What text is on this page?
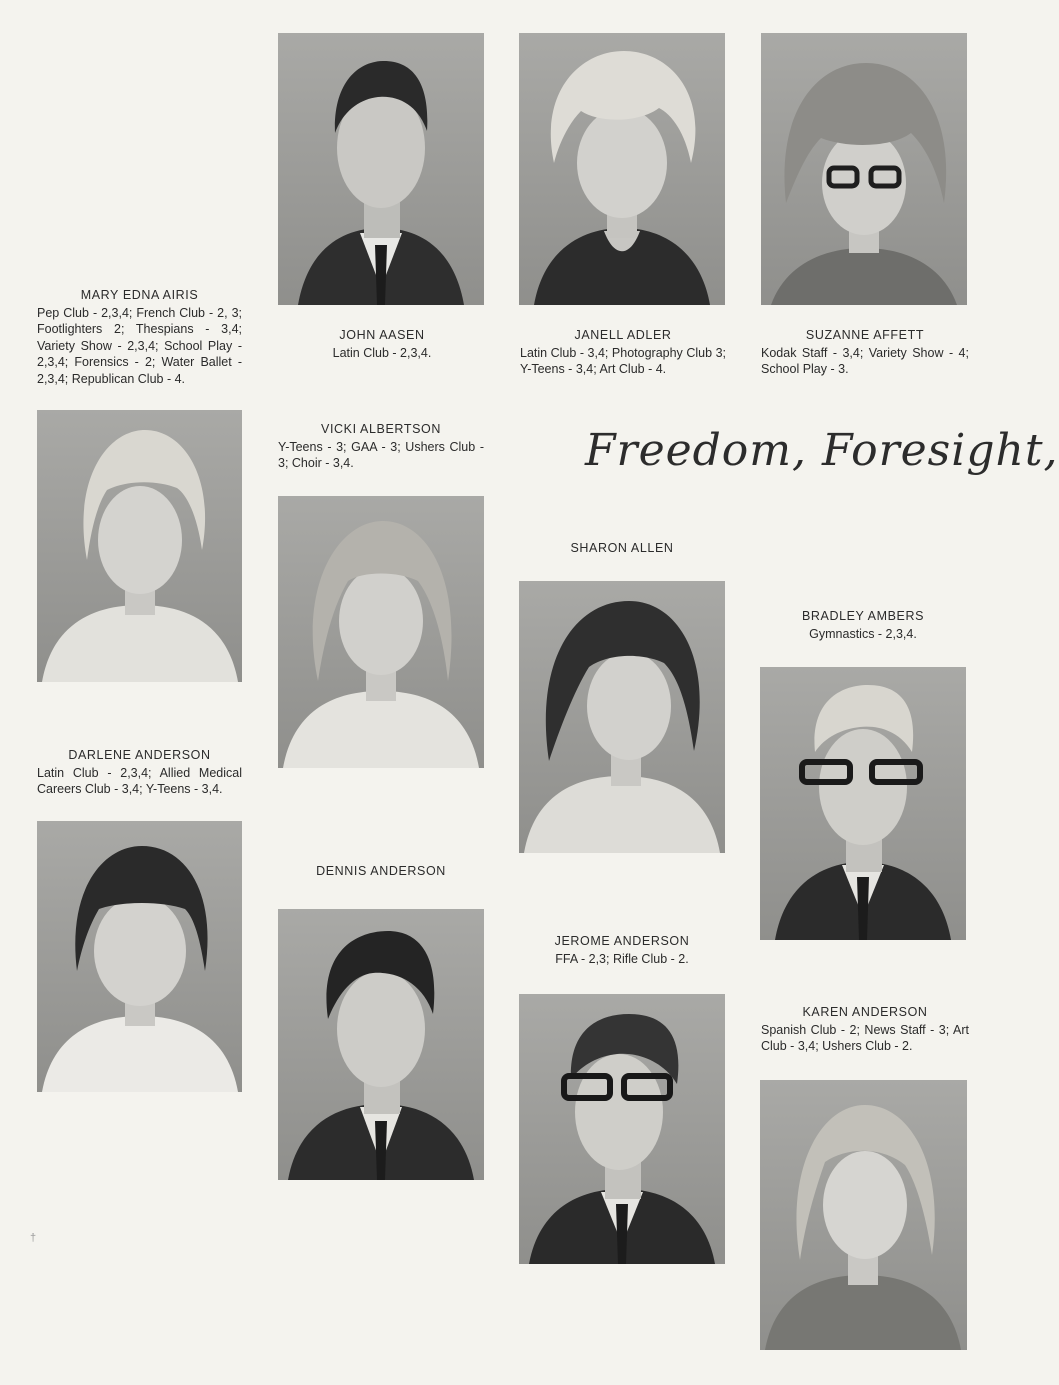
MARY EDNA AIRIS
Pep Club - 2,3,4; French Club - 2, 3; Footlighters 2; Thespians - 3,4; Variety Show - 2,3,4; School Play - 2,3,4; Forensics - 2; Water Ballet - 2,3,4; Republican Club - 4.
JOHN AASEN
Latin Club - 2,3,4.
JANELL ADLER
Latin Club - 3,4; Photography Club 3; Y-Teens - 3,4; Art Club - 4.
SUZANNE AFFETT
Kodak Staff - 3,4; Variety Show - 4; School Play - 3.
VICKI ALBERTSON
Y-Teens - 3; GAA - 3; Ushers Club - 3; Choir - 3,4.
SHARON ALLEN
BRADLEY AMBERS
Gymnastics - 2,3,4.
DARLENE ANDERSON
Latin Club - 2,3,4; Allied Medical Careers Club - 3,4; Y-Teens - 3,4.
DENNIS ANDERSON
JEROME ANDERSON
FFA - 2,3; Rifle Club - 2.
KAREN ANDERSON
Spanish Club - 2; News Staff - 3; Art Club - 3,4; Ushers Club - 2.
Freedom, Foresight,
†
